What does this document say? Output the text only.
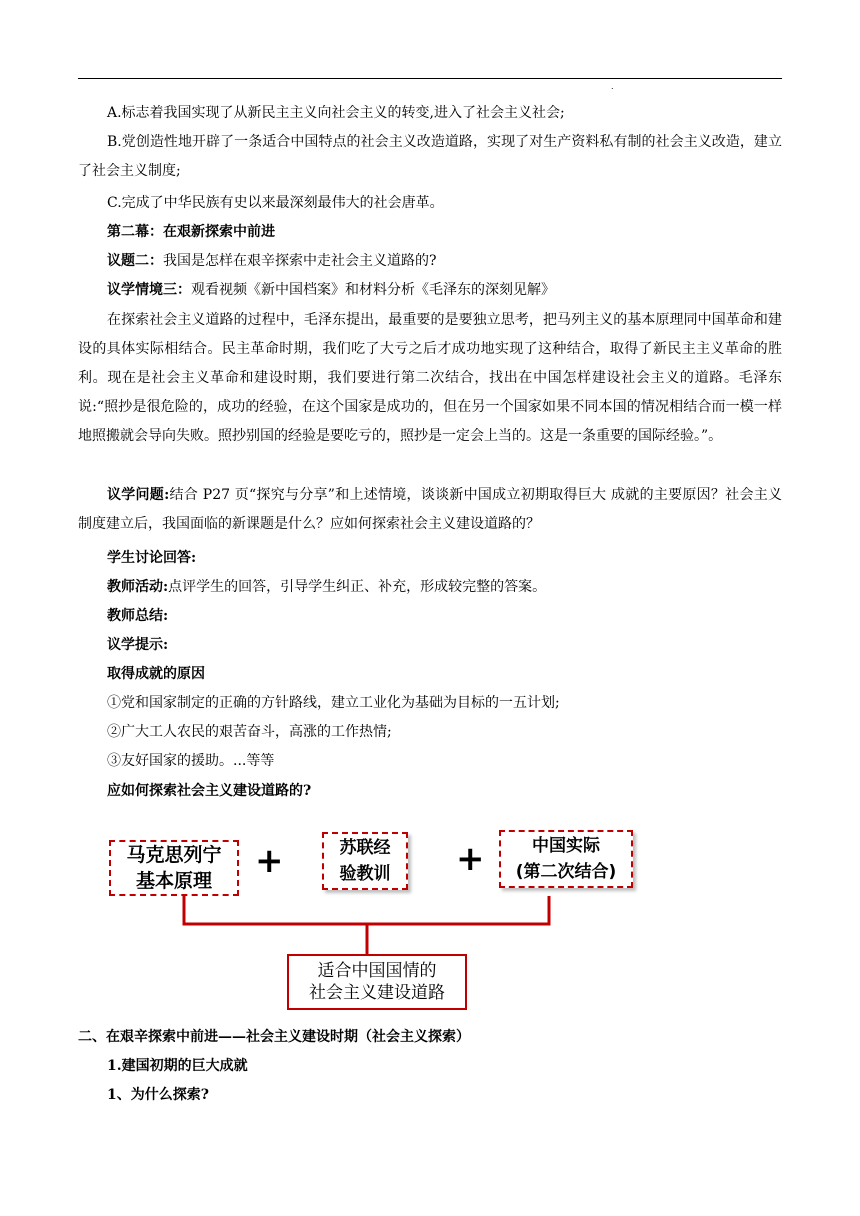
.
A.标志着我国实现了从新民主主义向社会主义的转变,进入了社会主义社会;

B.党创造性地开辟了一条适合中国特点的社会主义改造道路，实现了对生产资料私有制的社会主义改造，建立了社会主义制度;

C.完成了中华民族有史以来最深刻最伟大的社会唐革。
第二幕：在艰新探索中前进
议题二：我国是怎样在艰辛探索中走社会主义道路的?
议学情境三：观看视频《新中国档案》和材料分析《毛泽东的深刻见解》

在探索社会主义道路的过程中，毛泽东提出，最重要的是要独立思考，把马列主义的基本原理同中国革命和建设的具体实际相结合。民主革命时期，我们吃了大亏之后才成功地实现了这种结合，取得了新民主主义革命的胜利。现在是社会主义革命和建设时期，我们要进行第二次结合，找出在中国怎样建设社会主义的道路。毛泽东说:“照抄是很危险的，成功的经验，在这个国家是成功的，但在另一个国家如果不同本国的情况相结合而一模一样地照搬就会导向失败。照抄别国的经验是要吃亏的，照抄是一定会上当的。这是一条重要的国际经验。”。

议学问题:结合 P27 页“探究与分享”和上述情境，谈谈新中国成立初期取得巨大 成就的主要原因？社会主义制度建立后，我国面临的新课题是什么？应如何探索社会主义建设道路的？

学生讨论回答:
教师活动:点评学生的回答，引导学生纠正、补充，形成较完整的答案。
教师总结:
议学提示:
取得成就的原因
①党和国家制定的正确的方针路线，建立工业化为基础为目标的一五计划;
②广大工人农民的艰苦奋斗，高涨的工作热情;
③友好国家的援助。...等等
应如何探索社会主义建设道路的?
马克思列宁
基本原理 +	苏联经
验教训 +	中国实际
(第二次结合)
适合中国国情的
社会主义建设道路
二、在艰辛探索中前进——社会主义建设时期（社会主义探索）
1.建国初期的巨大成就
1、为什么探索?
